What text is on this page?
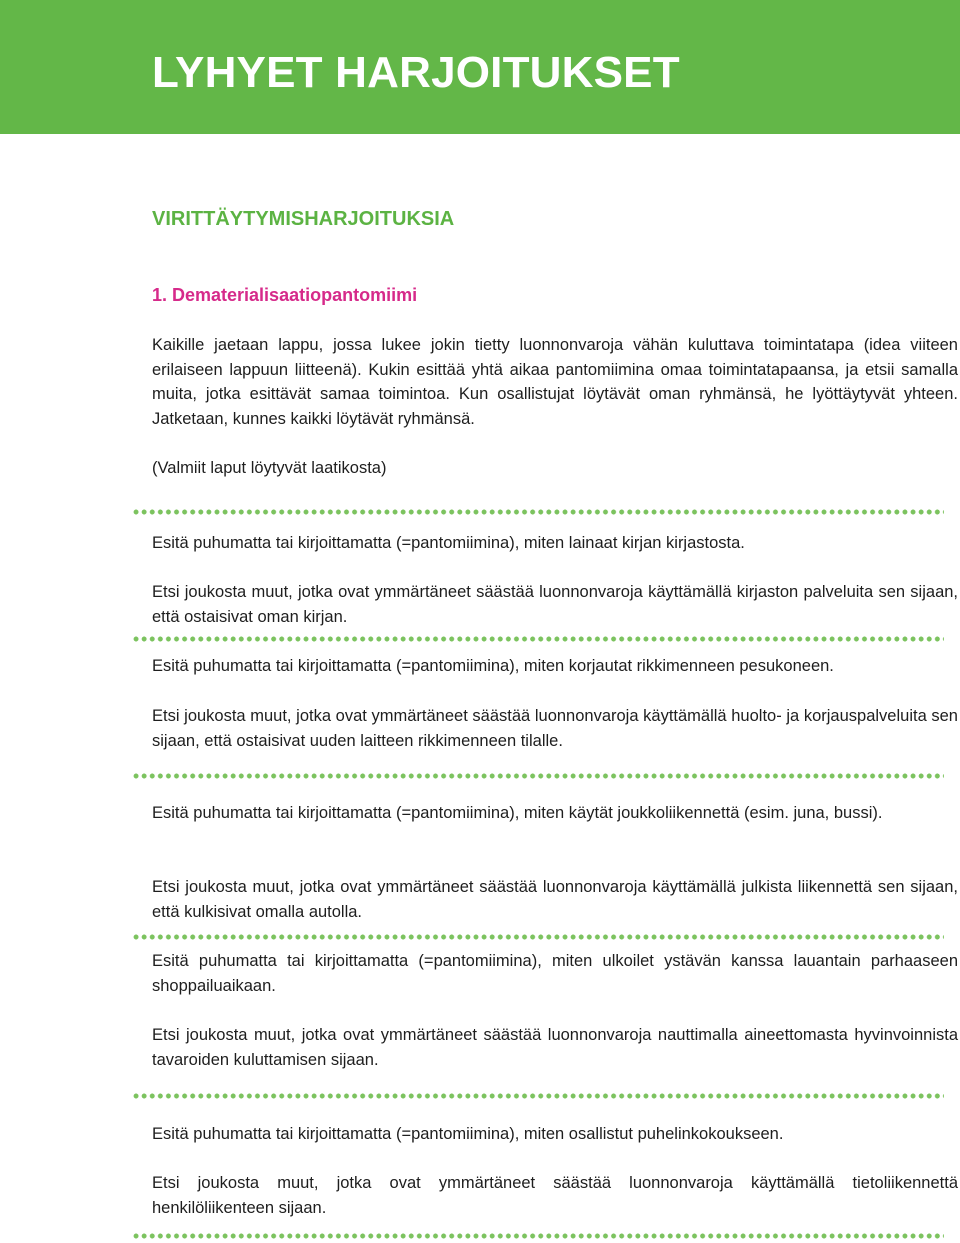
LYHYET HARJOITUKSET
VIRITTÄYTYMISHARJOITUKSIA
1. Dematerialisaatiopantomiimi

Kaikille jaetaan lappu, jossa lukee jokin tietty luonnonvaroja vähän kuluttava toimintatapa (idea viiteen erilaiseen lappuun liitteenä). Kukin esittää yhtä aikaa pantomiimina omaa toimintatapaansa, ja etsii samalla muita, jotka esittävät samaa toimintoa. Kun osallistujat löytävät oman ryhmänsä, he lyöttäytyvät yhteen. Jatketaan, kunnes kaikki löytävät ryhmänsä.

(Valmiit laput löytyvät laatikosta)

Esitä puhumatta tai kirjoittamatta (=pantomiimina), miten lainaat kirjan kirjastosta.

Etsi joukosta muut, jotka ovat ymmärtäneet säästää luonnonvaroja käyttämällä kirjaston palveluita sen sijaan, että ostaisivat oman kirjan.

Esitä puhumatta tai kirjoittamatta (=pantomiimina), miten korjautat rikkimenneen pesukoneen.

Etsi joukosta muut, jotka ovat ymmärtäneet säästää luonnonvaroja käyttämällä huolto- ja korjauspalveluita sen sijaan, että ostaisivat uuden laitteen rikkimenneen tilalle.

Esitä puhumatta tai kirjoittamatta (=pantomiimina), miten käytät joukkoliikennettä (esim. juna, bussi).

Etsi joukosta muut, jotka ovat ymmärtäneet säästää luonnonvaroja käyttämällä julkista liikennettä sen sijaan, että kulkisivat omalla autolla.

Esitä puhumatta tai kirjoittamatta (=pantomiimina), miten ulkoilet ystävän kanssa lauantain parhaaseen shoppailuaikaan.

Etsi joukosta muut, jotka ovat ymmärtäneet säästää luonnonvaroja nauttimalla aineettomasta hyvinvoinnista tavaroiden kuluttamisen sijaan.

Esitä puhumatta tai kirjoittamatta (=pantomiimina), miten osallistut puhelinkokoukseen.

Etsi joukosta muut, jotka ovat ymmärtäneet säästää luonnonvaroja käyttämällä tietoliikennettä henkilöliikenteen sijaan.
